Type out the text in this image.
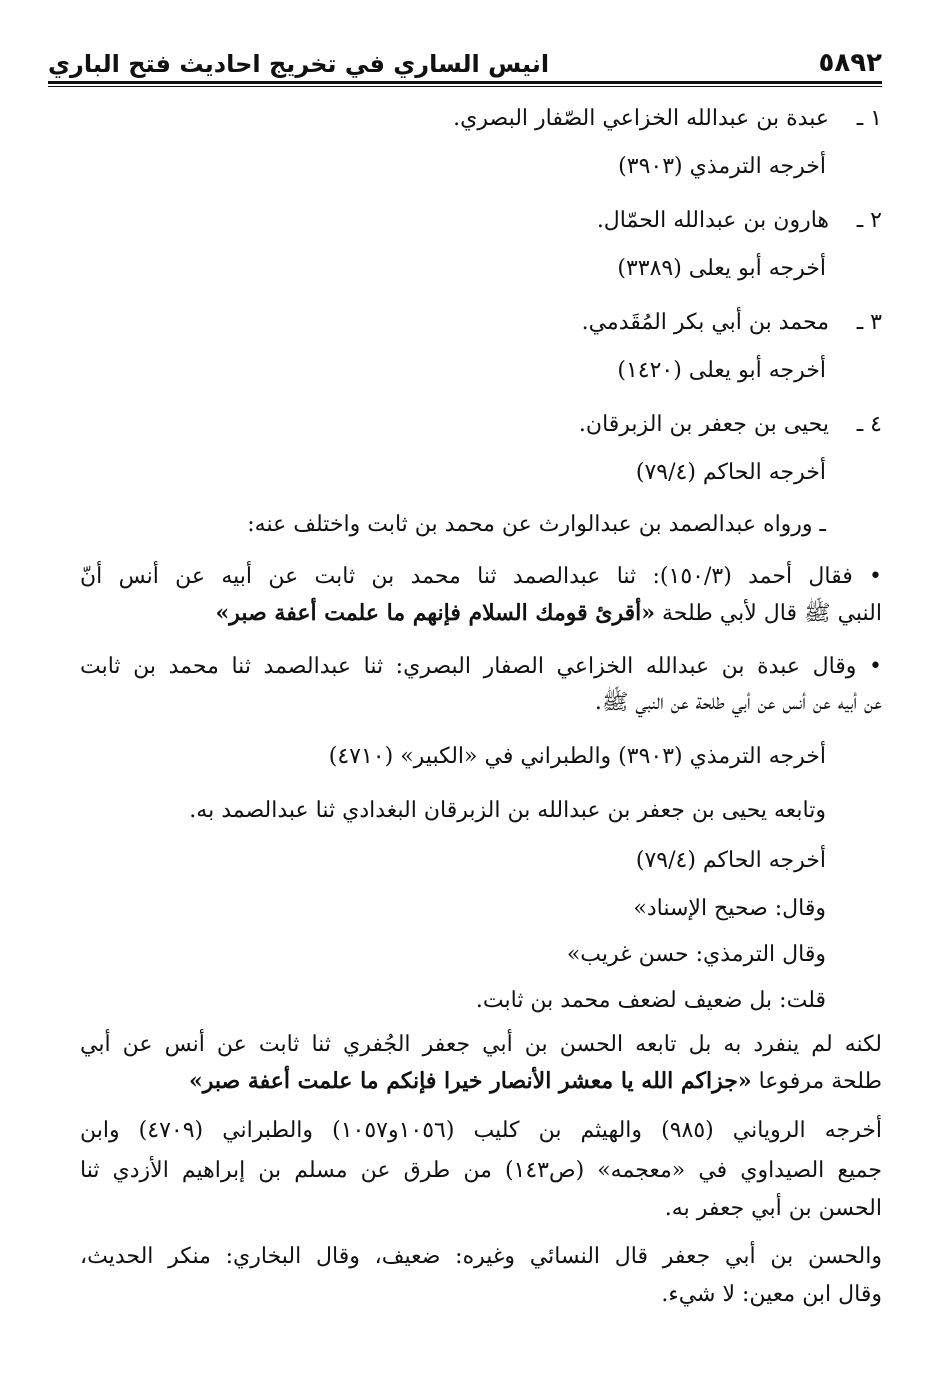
٥٨٩٢
انيس الساري في تخريج احاديث فتح الباري
١ ـ عبدة بن عبدالله الخزاعي الصّفار البصري.
أخرجه الترمذي (٣٩٠٣)
٢ ـ هارون بن عبدالله الحمّال.
أخرجه أبو يعلى (٣٣٨٩)
٣ ـ محمد بن أبي بكر المُقَدمي.
أخرجه أبو يعلى (١٤٢٠)
٤ ـ يحيى بن جعفر بن الزبرقان.
أخرجه الحاكم (٧٩/٤)
ـ ورواه عبدالصمد بن عبدالوارث عن محمد بن ثابت واختلف عنه:
• فقال أحمد (١٥٠/٣): ثنا عبدالصمد ثنا محمد بن ثابت عن أبيه عن أنس أنّ
النبي ﷺ قال لأبي طلحة «أقرئ قومك السلام فإنهم ما علمت أعفة صبر»
• وقال عبدة بن عبدالله الخزاعي الصفار البصري: ثنا عبدالصمد ثنا محمد بن ثابت
عن أبيه عن أنس عن أبي طلحة عن النبي ﷺ.
أخرجه الترمذي (٣٩٠٣) والطبراني في «الكبير» (٤٧١٠)
وتابعه يحيى بن جعفر بن عبدالله بن الزبرقان البغدادي ثنا عبدالصمد به.
أخرجه الحاكم (٧٩/٤)
وقال: صحيح الإسناد»
وقال الترمذي: حسن غريب»
قلت: بل ضعيف لضعف محمد بن ثابت.
لكنه لم ينفرد به بل تابعه الحسن بن أبي جعفر الجُفري ثنا ثابت عن أنس عن أبي
طلحة مرفوعا «جزاكم الله يا معشر الأنصار خيرا فإنكم ما علمت أعفة صبر»
أخرجه الروياني (٩٨٥) والهيثم بن كليب (١٠٥٦و١٠٥٧) والطبراني (٤٧٠٩) وابن
جميع الصيداوي في «معجمه» (ص١٤٣) من طرق عن مسلم بن إبراهيم الأزدي ثنا
الحسن بن أبي جعفر به.
والحسن بن أبي جعفر قال النسائي وغيره: ضعيف، وقال البخاري: منكر الحديث،
وقال ابن معين: لا شيء.
